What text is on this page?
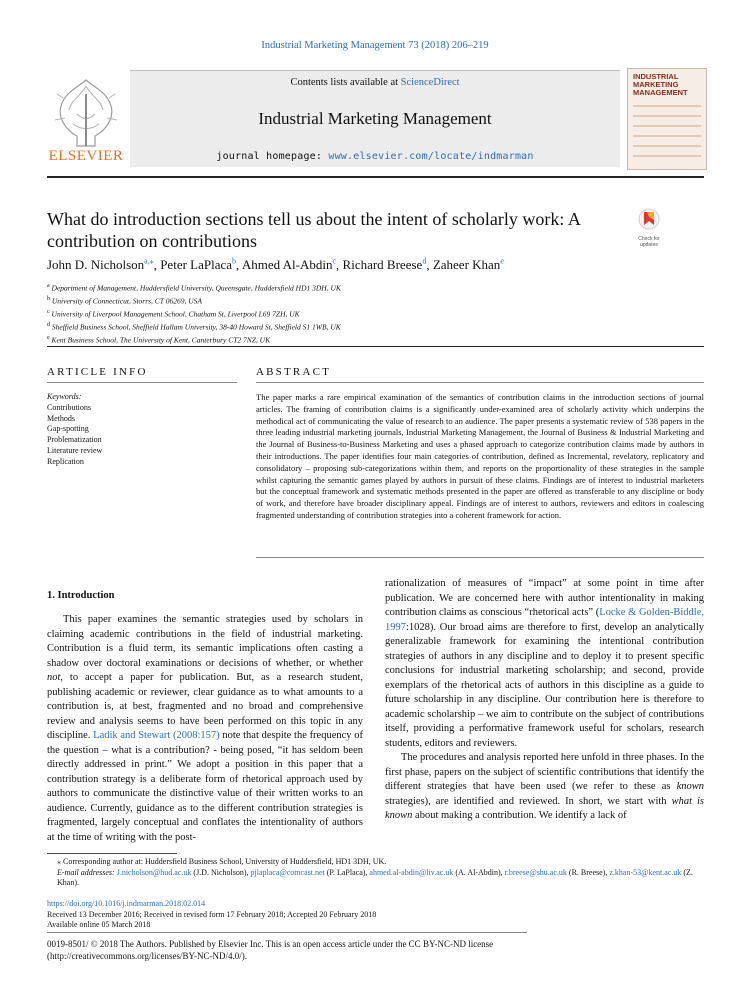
Industrial Marketing Management 73 (2018) 206–219
ELSEVIER
Contents lists available at ScienceDirect
Industrial Marketing Management
journal homepage: www.elsevier.com/locate/indmarman
INDUSTRIAL
MARKETING
MANAGEMENT
What do introduction sections tell us about the intent of scholarly work: A contribution on contributions	Check for updates
John D. Nicholson$^{a,⁎}$, Peter LaPlaca$^b$, Ahmed Al-Abdin$^c$, Richard Breese$^d$, Zaheer Khan$^e$
$^a$ Department of Management, Huddersfield University, Queensgate, Huddersfield HD1 3DH, UK
$^b$ University of Connecticut, Storrs, CT 06269, USA
$^c$ University of Liverpool Management School, Chatham St, Liverpool L69 7ZH, UK
$^d$ Sheffield Business School, Sheffield Hallam University, 38-40 Howard St, Sheffield S1 1WB, UK
$^e$ Kent Business School, The University of Kent, Canterbury CT2 7NZ, UK
ARTICLE INFO	ABSTRACT
Keywords:
Contributions
Methods
Gap-spotting
Problematization
Literature review
Replication
The paper marks a rare empirical examination of the semantics of contribution claims in the introduction sections of journal articles. The framing of contribution claims is a significantly under-examined area of scholarly activity which underpins the methodical act of communicating the value of research to an audience. The paper presents a systematic review of 538 papers in the three leading industrial marketing journals, Industrial Marketing Management, the Journal of Business & Industrial Marketing and the Journal of Business-to-Business Marketing and uses a phased approach to categorize contribution claims made by authors in their introductions. The paper identifies four main categories of contribution, defined as Incremental, revelatory, replicatory and consolidatory – proposing sub-categorizations within them, and reports on the proportionality of these strategies in the sample whilst capturing the semantic games played by authors in pursuit of these claims. Findings are of interest to industrial marketers but the conceptual framework and systematic methods presented in the paper are offered as transferable to any discipline or body of work, and therefore have broader disciplinary appeal. Findings are of interest to authors, reviewers and editors in coalescing fragmented understanding of contribution strategies into a coherent framework for action.
1. Introduction

This paper examines the semantic strategies used by scholars in claiming academic contributions in the field of industrial marketing. Contribution is a fluid term, its semantic implications often casting a shadow over doctoral examinations or decisions of whether, or whether not, to accept a paper for publication. But, as a research student, publishing academic or reviewer, clear guidance as to what amounts to a contribution is, at best, fragmented and no broad and comprehensive review and analysis seems to have been performed on this topic in any discipline. Ladik and Stewart (2008:157) note that despite the frequency of the question – what is a contribution? - being posed, “it has seldom been directly addressed in print.” We adopt a position in this paper that a contribution strategy is a deliberate form of rhetorical approach used by authors to communicate the distinctive value of their written works to an audience. Currently, guidance as to the different contribution strategies is fragmented, largely conceptual and conflates the intentionality of authors at the time of writing with the post-

rationalization of measures of “impact” at some point in time after publication. We are concerned here with author intentionality in making contribution claims as conscious “rhetorical acts” (Locke & Golden-Biddle, 1997:1028). Our broad aims are therefore to first, develop an analytically generalizable framework for examining the intentional contribution strategies of authors in any discipline and to deploy it to present specific conclusions for industrial marketing scholarship; and second, provide exemplars of the rhetorical acts of authors in this discipline as a guide to future scholarship in any discipline. Our contribution here is therefore to academic scholarship – we aim to contribute on the subject of contributions itself, providing a performative framework useful for scholars, research students, editors and reviewers.

The procedures and analysis reported here unfold in three phases. In the first phase, papers on the subject of scientific contributions that identify the different strategies that have been used (we refer to these as known strategies), are identified and reviewed. In short, we start with what is known about making a contribution. We identify a lack of

⁎ Corresponding author at: Huddersfield Business School, University of Huddersfield, HD1 3DH, UK.
E-mail addresses: J.nicholson@hud.ac.uk (J.D. Nicholson), pjlaplaca@comcast.net (P. LaPlaca), ahmed.al-abdin@liv.ac.uk (A. Al-Abdin), r.breese@shu.ac.uk (R. Breese), z.khan-53@kent.ac.uk (Z. Khan).
https://doi.org/10.1016/j.indmarman.2018.02.014
Received 13 December 2016; Received in revised form 17 February 2018; Accepted 20 February 2018
Available online 05 March 2018
0019-8501/ © 2018 The Authors. Published by Elsevier Inc. This is an open access article under the CC BY-NC-ND license
(http://creativecommons.org/licenses/BY-NC-ND/4.0/).
